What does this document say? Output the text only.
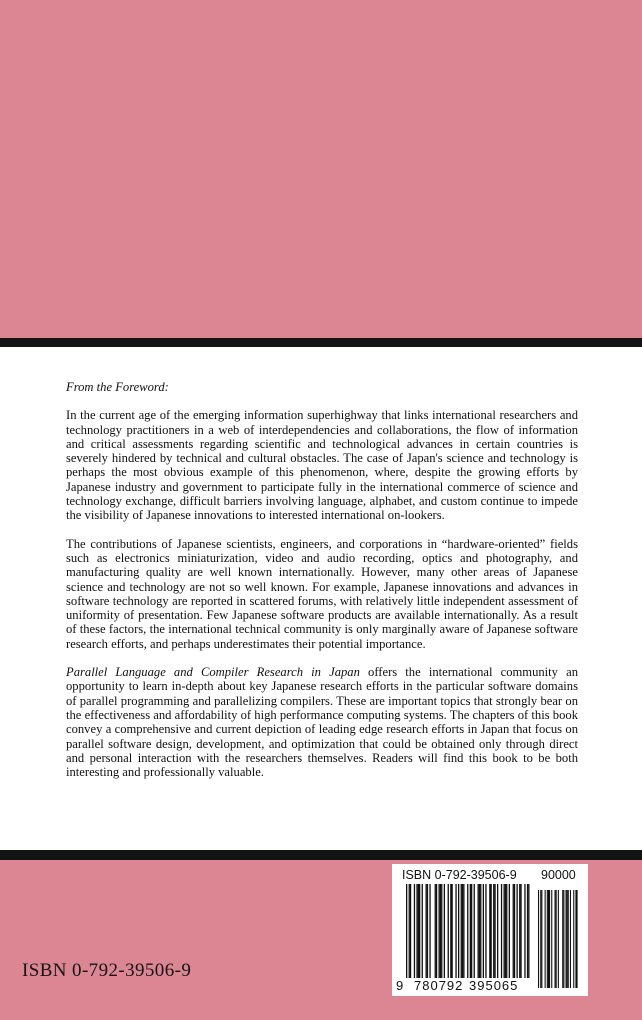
From the Foreword:

In the current age of the emerging information superhighway that links international researchers and technology practitioners in a web of interdependencies and collaborations, the flow of information and critical assessments regarding scientific and technological advances in certain countries is severely hindered by technical and cultural obstacles. The case of Japan's science and technology is perhaps the most obvious example of this phenomenon, where, despite the growing efforts by Japanese industry and government to participate fully in the international commerce of science and technology exchange, difficult barriers involving language, alphabet, and custom continue to impede the visibility of Japanese innovations to interested international on-lookers.

The contributions of Japanese scientists, engineers, and corporations in “hardware-oriented” fields such as electronics miniaturization, video and audio recording, optics and photography, and manufacturing quality are well known internationally. However, many other areas of Japanese science and technology are not so well known. For example, Japanese innovations and advances in software technology are reported in scattered forums, with relatively little independent assessment of uniformity of presentation. Few Japanese software products are available internationally. As a result of these factors, the international technical community is only marginally aware of Japanese software research efforts, and perhaps underestimates their potential importance.

Parallel Language and Compiler Research in Japan offers the international community an opportunity to learn in-depth about key Japanese research efforts in the particular software domains of parallel programming and parallelizing compilers. These are important topics that strongly bear on the effectiveness and affordability of high performance computing systems. The chapters of this book convey a comprehensive and current depiction of leading edge research efforts in Japan that focus on parallel software design, development, and optimization that could be obtained only through direct and personal interaction with the researchers themselves. Readers will find this book to be both interesting and professionally valuable.

ISBN 0-792-39506-9
ISBN 0-792-39506-9 90000
9 780792 395065
